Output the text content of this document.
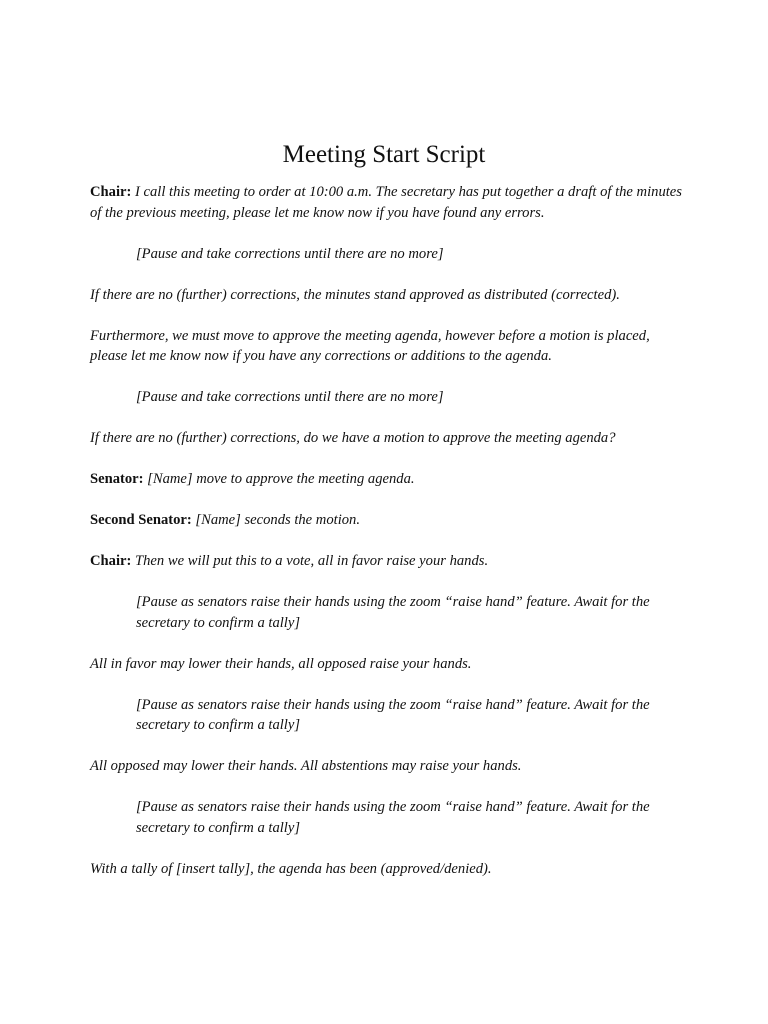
Meeting Start Script

Chair: I call this meeting to order at 10:00 a.m. The secretary has put together a draft of the minutes of the previous meeting, please let me know now if you have found any errors.

[Pause and take corrections until there are no more]

If there are no (further) corrections, the minutes stand approved as distributed (corrected).

Furthermore, we must move to approve the meeting agenda, however before a motion is placed, please let me know now if you have any corrections or additions to the agenda.

[Pause and take corrections until there are no more]

If there are no (further) corrections, do we have a motion to approve the meeting agenda?

Senator: [Name] move to approve the meeting agenda.

Second Senator: [Name] seconds the motion.

Chair: Then we will put this to a vote, all in favor raise your hands.

[Pause as senators raise their hands using the zoom “raise hand” feature. Await for the secretary to confirm a tally]

All in favor may lower their hands, all opposed raise your hands.

[Pause as senators raise their hands using the zoom “raise hand” feature. Await for the secretary to confirm a tally]

All opposed may lower their hands. All abstentions may raise your hands.

[Pause as senators raise their hands using the zoom “raise hand” feature. Await for the secretary to confirm a tally]

With a tally of [insert tally], the agenda has been (approved/denied).
